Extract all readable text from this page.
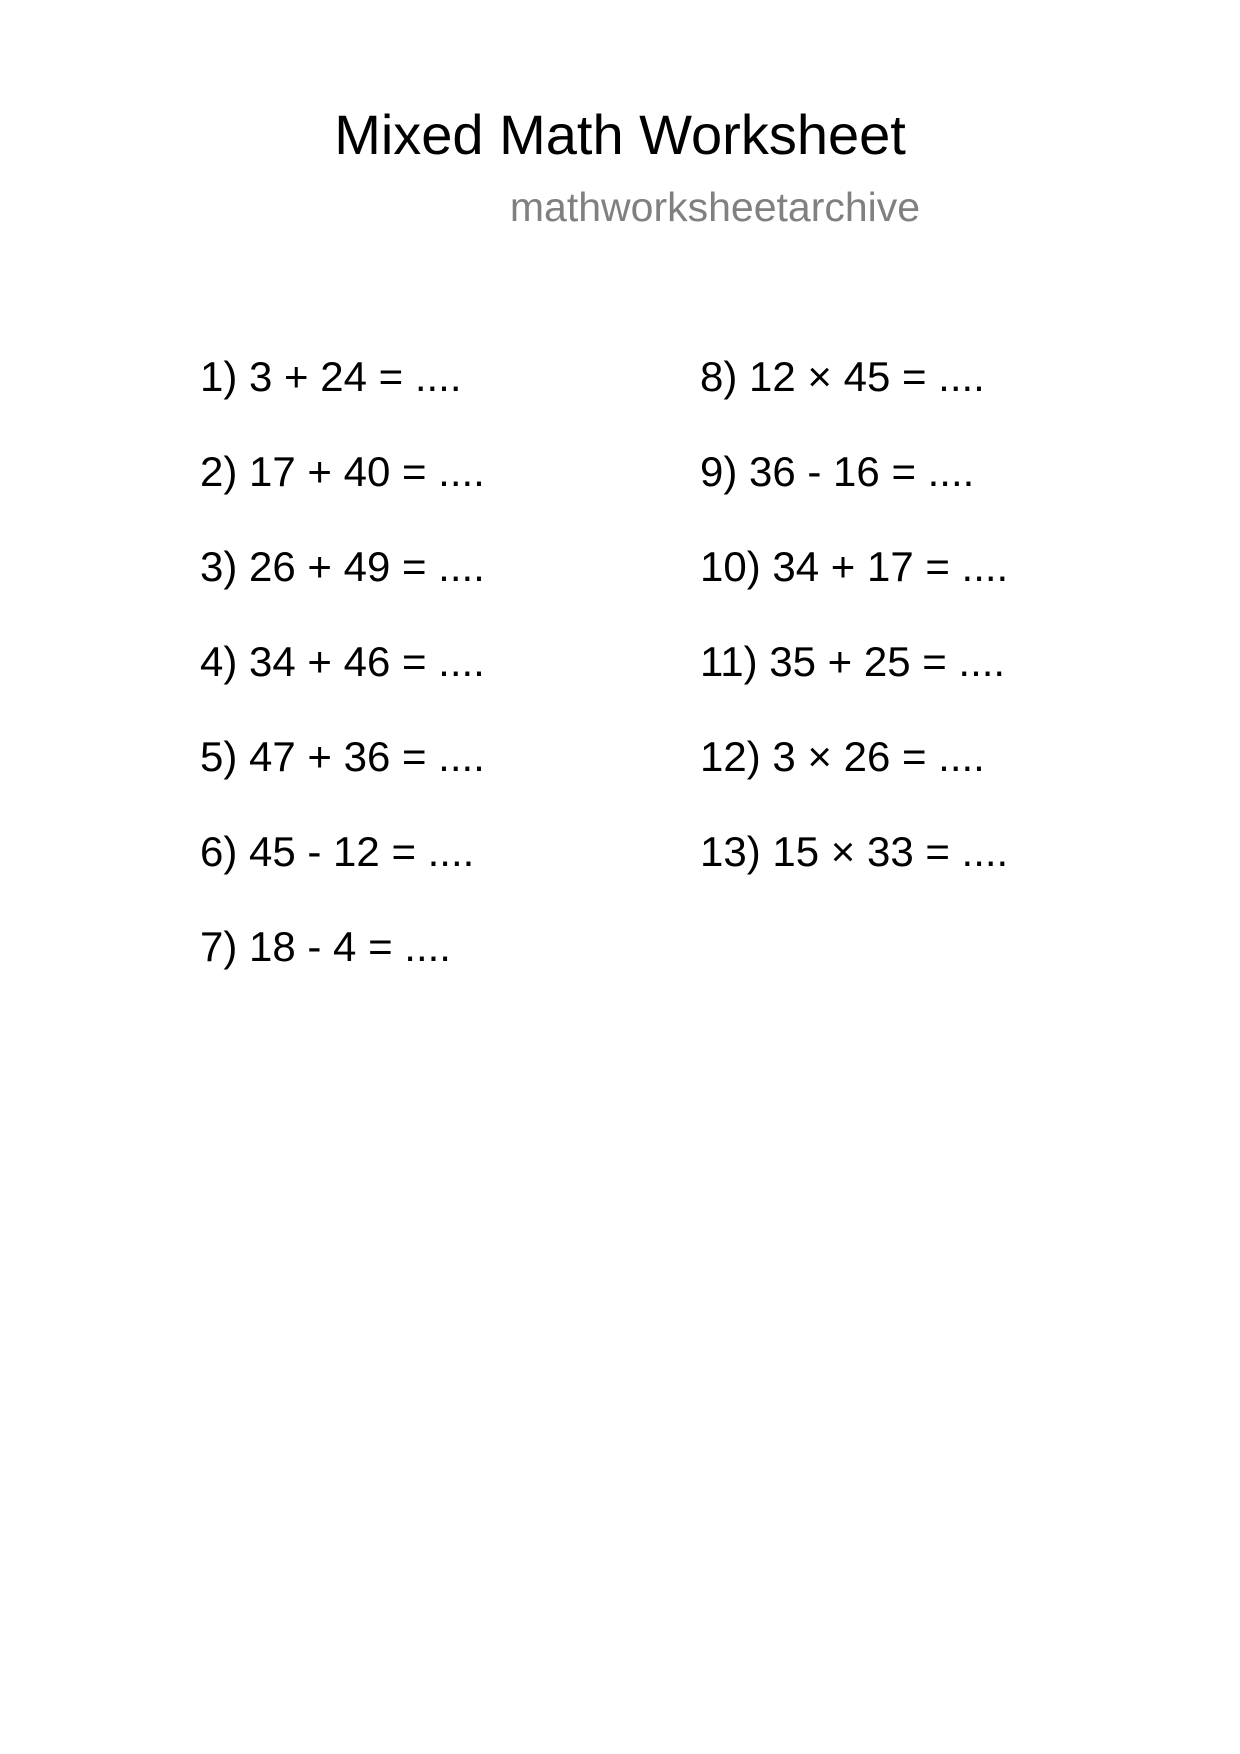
Mixed Math Worksheet
mathworksheetarchive
1) 3 + 24 = ....
2) 17 + 40 = ....
3) 26 + 49 = ....
4) 34 + 46 = ....
5) 47 + 36 = ....
6) 45 - 12 = ....
7) 18 - 4 = ....
8) 12 × 45 = ....
9) 36 - 16 = ....
10) 34 + 17 = ....
11) 35 + 25 = ....
12) 3 × 26 = ....
13) 15 × 33 = ....
